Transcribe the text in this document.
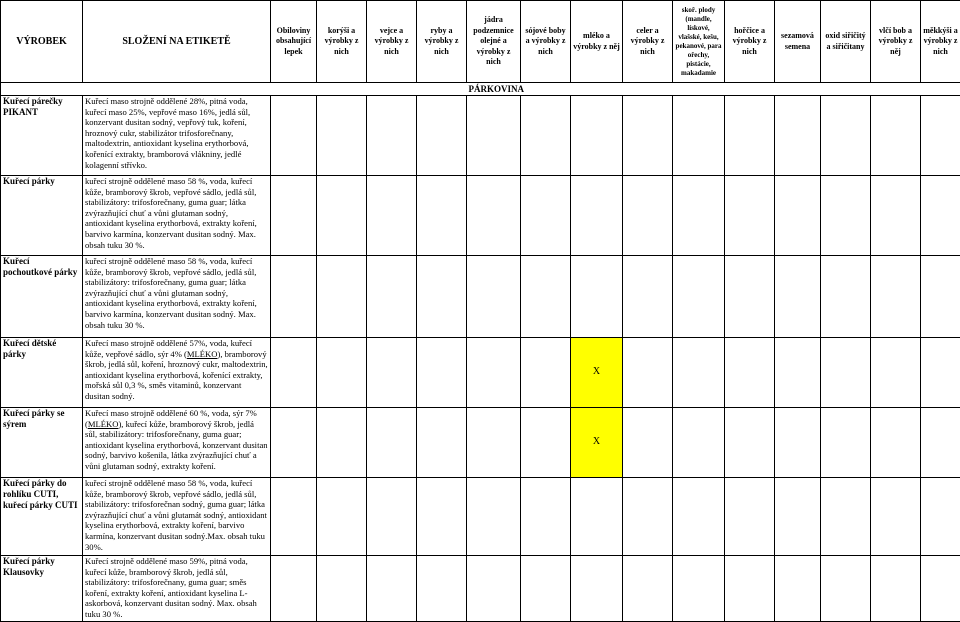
VÝROBEK	SLOŽENÍ NA ETIKETĚ	Obiloviny obsahující lepek	korýši a výrobky z nich	vejce a výrobky z nich	ryby a výrobky z nich	jádra podzemnice olejné a výrobky z nich	sójové boby a výrobky z nich	mléko a výrobky z něj	celer a výrobky z nich	skoř. plody (mandle, lískové, vlašské, kešu, pekanové, para ořechy, pistácie, makadamie	hořčice a výrobky z nich	sezamová semena	oxid siřičitý a siřičitany	vlčí bob a výrobky z něj	měkkýši a výrobky z nich
						PÁRKOVINA									
Kuřecí párečky PIKANT	Kuřecí maso strojně oddělené 28%, pitná voda, kuřecí maso 25%, vepřové maso 16%, jedlá sůl, konzervant dusitan sodný, vepřový tuk, koření, hroznový cukr, stabilizátor trifosforečnany, maltodextrin, antioxidant kyselina erythorbová, kořenící extrakty, bramborová vlákniny, jedlé kolagenní střívko.														
Kuřecí párky	kuřecí strojně oddělené maso 58 %, voda, kuřecí kůže, bramborový škrob, vepřové sádlo, jedlá sůl, stabilizátory: trifosforečnany, guma guar; látka zvýrazňující chuť a vůni glutaman sodný, antioxidant kyselina erythorbová, extrakty koření, barvivo karmína, konzervant dusitan sodný. Max. obsah tuku 30 %.														
Kuřecí pochoutkové párky	kuřecí strojně oddělené maso 58 %, voda, kuřecí kůže, bramborový škrob, vepřové sádlo, jedlá sůl, stabilizátory: trifosforečnany, guma guar; látka zvýrazňující chuť a vůni glutaman sodný, antioxidant kyselina erythorbová, extrakty koření, barvivo karmína, konzervant dusitan sodný. Max. obsah tuku 30 %.														
Kuřecí dětské párky	Kuřecí maso strojně oddělené 57%, voda, kuřecí kůže, vepřové sádlo, sýr 4% (MLÉKO), bramborový škrob, jedlá sůl, koření, hroznový cukr, maltodextrin, antioxidant kyselina erythorbová, kořenící extrakty, mořská sůl 0,3 %, směs vitaminů, konzervant dusitan sodný.							X							
Kuřecí párky se sýrem	Kuřecí maso strojně oddělené 60 %, voda, sýr 7% (MLÉKO), kuřecí kůže, bramborový škrob, jedlá sůl, stabilizátory: trifosforečnany, guma guar; antioxidant kyselina erythorbová, konzervant dusitan sodný, barvivo košenila, látka zvýrazňující chuť a vůni glutaman sodný, extrakty koření.							X							
Kuřecí párky do rohlíku CUTI, kuřecí párky CUTI	kuřecí strojně oddělené maso 58 %, voda, kuřecí kůže, bramborový škrob, vepřové sádlo, jedlá sůl, stabilizátory: trifosforečnan sodný, guma guar; látka zvýrazňující chuť a vůni glutamát sodný, antioxidant kyselina erythorbová, extrakty koření, barvivo karmína, konzervant dusitan sodný.Max. obsah tuku 30%.														
Kuřecí párky Klausovky	Kuřecí strojně oddělené maso 59%, pitná voda, kuřecí kůže, bramborový škrob, jedlá sůl, stabilizátory: trifosforečnany, guma guar; směs koření, extrakty koření, antioxidant kyselina L-askorbová, konzervant dusitan sodný. Max. obsah tuku 30 %.														
